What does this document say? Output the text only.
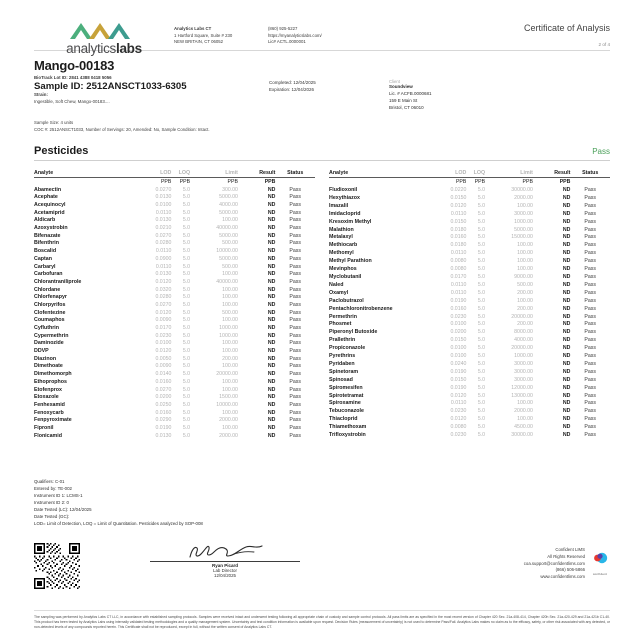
analyticslabs
Analytics Labs CT
1 Hartford Square, Suite # 230
NEW BRITAIN, CT 06052
(860) 925-5227
https://myanalyticslabs.com/
Lic# ACTL.0000001
Certificate of Analysis
2 of 4
Mango-00183
BioTrack Lot ID: 2841 4388 0418 5056
Sample ID: 2512ANSCT1033-6305
Strain:
Ingestible, Soft Chew, Mango-00183....
Completed: 12/04/2025
Expiration: 12/04/2026
Client
Soundview
Lic. # ACFB.0000681
159 E Main St
Bristol, CT 06010
Sample Size: 4 units
COC #: 2512ANSCT1033, Number of Servings: 20, Amended: No, Sample Condition: Intact.
Pesticides	Pass
Analyte	LOD	LOQ	Limit	Result	Status
	PPB	PPB	PPB	PPB	
Abamectin	0.0270	5.0	300.00	ND	Pass
Acephate	0.0130	5.0	5000.00	ND	Pass
Acequinocyl	0.0100	5.0	4000.00	ND	Pass
Acetamiprid	0.0110	5.0	5000.00	ND	Pass
Aldicarb	0.0130	5.0	100.00	ND	Pass
Azoxystrobin	0.0210	5.0	40000.00	ND	Pass
Bifenazate	0.0270	5.0	5000.00	ND	Pass
Bifenthrin	0.0280	5.0	500.00	ND	Pass
Boscalid	0.0110	5.0	10000.00	ND	Pass
Captan	0.0900	5.0	5000.00	ND	Pass
Carbaryl	0.0110	5.0	500.00	ND	Pass
Carbofuran	0.0130	5.0	100.00	ND	Pass
Chlorantraniliprole	0.0120	5.0	40000.00	ND	Pass
Chlordane	0.0320	5.0	100.00	ND	Pass
Chlorfenapyr	0.0280	5.0	100.00	ND	Pass
Chlorpyrifos	0.0270	5.0	100.00	ND	Pass
Clofentezine	0.0120	5.0	500.00	ND	Pass
Coumaphos	0.0090	5.0	100.00	ND	Pass
Cyfluthrin	0.0170	5.0	1000.00	ND	Pass
Cypermethrin	0.0230	5.0	1000.00	ND	Pass
Daminozide	0.0100	5.0	100.00	ND	Pass
DDVP	0.0120	5.0	100.00	ND	Pass
Diazinon	0.0050	5.0	200.00	ND	Pass
Dimethoate	0.0090	5.0	100.00	ND	Pass
Dimethomorph	0.0140	5.0	20000.00	ND	Pass
Ethoprophos	0.0160	5.0	100.00	ND	Pass
Etofenprox	0.0270	5.0	100.00	ND	Pass
Etoxazole	0.0200	5.0	1500.00	ND	Pass
Fenhexamid	0.0250	5.0	10000.00	ND	Pass
Fenoxycarb	0.0160	5.0	100.00	ND	Pass
Fenpyroximate	0.0290	5.0	2000.00	ND	Pass
Fipronil	0.0190	5.0	100.00	ND	Pass
Flonicamid	0.0130	5.0	2000.00	ND	Pass
Analyte	LOD	LOQ	Limit	Result	Status
	PPB	PPB	PPB	PPB	
Fludioxonil	0.0220	5.0	30000.00	ND	Pass
Hexythiazox	0.0150	5.0	2000.00	ND	Pass
Imazalil	0.0120	5.0	100.00	ND	Pass
Imidacloprid	0.0110	5.0	3000.00	ND	Pass
Kresoxim Methyl	0.0150	5.0	1000.00	ND	Pass
Malathion	0.0180	5.0	5000.00	ND	Pass
Metalaxyl	0.0160	5.0	15000.00	ND	Pass
Methiocarb	0.0180	5.0	100.00	ND	Pass
Methomyl	0.0110	5.0	100.00	ND	Pass
Methyl Parathion	0.0080	5.0	100.00	ND	Pass
Mevinphos	0.0080	5.0	100.00	ND	Pass
Myclobutanil	0.0170	5.0	9000.00	ND	Pass
Naled	0.0110	5.0	500.00	ND	Pass
Oxamyl	0.0110	5.0	200.00	ND	Pass
Paclobutrazol	0.0190	5.0	100.00	ND	Pass
Pentachloronitrobenzene	0.0160	5.0	200.00	ND	Pass
Permethrin	0.0230	5.0	20000.00	ND	Pass
Phosmet	0.0100	5.0	200.00	ND	Pass
Piperonyl Butoxide	0.0200	5.0	8000.00	ND	Pass
Prallethrin	0.0150	5.0	4000.00	ND	Pass
Propiconazole	0.0100	5.0	20000.00	ND	Pass
Pyrethrins	0.0100	5.0	1000.00	ND	Pass
Pyridaben	0.0240	5.0	3000.00	ND	Pass
Spinetoram	0.0190	5.0	3000.00	ND	Pass
Spinosad	0.0150	5.0	3000.00	ND	Pass
Spiromesifen	0.0190	5.0	12000.00	ND	Pass
Spirotetramat	0.0120	5.0	13000.00	ND	Pass
Spiroxamine	0.0110	5.0	100.00	ND	Pass
Tebuconazole	0.0230	5.0	2000.00	ND	Pass
Thiacloprid	0.0120	5.0	100.00	ND	Pass
Thiamethoxam	0.0080	5.0	4500.00	ND	Pass
Trifloxystrobin	0.0230	5.0	30000.00	ND	Pass
Qualifiers: C-01
Entered by: TE-002
Instrument ID 1: LCMS-1
Instrument ID 2: 0
Date Tested (LC): 12/04/2025
Date Tested (GC):
LOD= Limit of Detection, LOQ = Limit of Quantitation. Pesticides analyzed by SOP-008
Ryan Picard
Lab Director
12/04/2025
Confident LIMS
All Rights Reserved
coa.support@confidentlims.com
(866) 506-5866
www.confidentlims.com	confident

The sampling was performed by Analytics Labs CT LLC, in accordance with established sampling protocols. Samples were received intact and underwent testing following all appropriate chain of custody and sample control protocols. All pass limits are as specified in the most recent version of Chapter 420 Sec. 21a-408-414, Chapter 420h Sec. 21a-420-429 and 21a-421b C1-40. This product has been tested by Analytics Labs using internally validated testing methodologies and a quality management system. Uncertainty and test condition information is available upon request. Decision Rules (measurement of uncertainty) is not used to determine Pass/Fail. Analytics Labs makes no claim as to the efficacy, safety, or other risk associated with any detected, or non-detected levels of any compounds reported herein. This Certificate shall not be reproduced, except in full, without the written consent of Analytics Labs CT.
